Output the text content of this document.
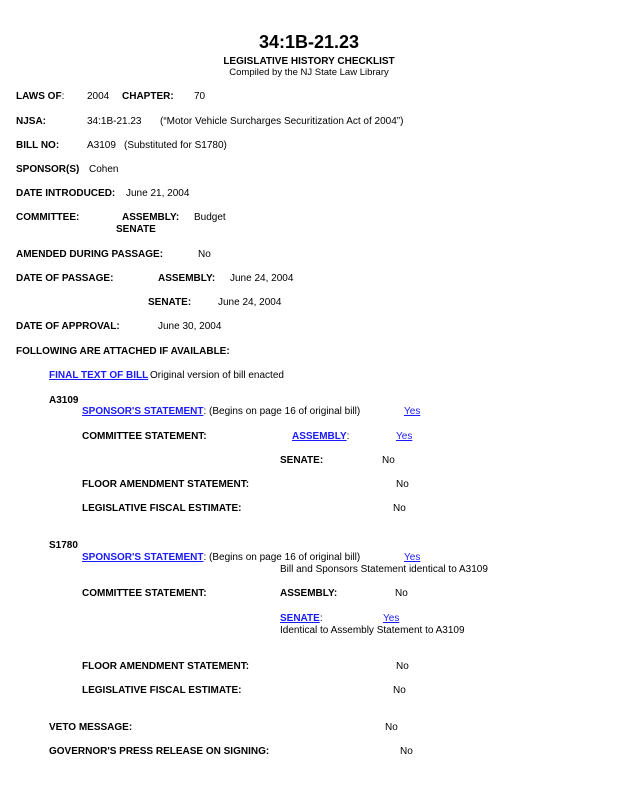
34:1B-21.23
LEGISLATIVE HISTORY CHECKLIST
Compiled by the NJ State Law Library
LAWS OF: 2004 CHAPTER: 70
NJSA:	34:1B-21.23 (“Motor Vehicle Surcharges Securitization Act of 2004”)
BILL NO:	A3109 (Substituted for S1780)
SPONSOR(S) Cohen
DATE INTRODUCED: June 21, 2004
COMMITTEE:	ASSEMBLY: Budget
SENATE
AMENDED DURING PASSAGE:	No
DATE OF PASSAGE:	ASSEMBLY: June 24, 2004
SENATE:	June 24, 2004
DATE OF APPROVAL:	June 30, 2004
FOLLOWING ARE ATTACHED IF AVAILABLE:
FINAL TEXT OF BILL Original version of bill enacted
A3109
SPONSOR'S STATEMENT: (Begins on page 16 of original bill)	Yes
COMMITTEE STATEMENT:	ASSEMBLY:	Yes
SENATE:	No
FLOOR AMENDMENT STATEMENT:	No
LEGISLATIVE FISCAL ESTIMATE:	No
S1780
SPONSOR'S STATEMENT: (Begins on page 16 of original bill)	Yes
Bill and Sponsors Statement identical to A3109
COMMITTEE STATEMENT:	ASSEMBLY:	No
SENATE:	Yes
Identical to Assembly Statement to A3109
FLOOR AMENDMENT STATEMENT:	No
LEGISLATIVE FISCAL ESTIMATE:	No
VETO MESSAGE:	No
GOVERNOR'S PRESS RELEASE ON SIGNING:	No
